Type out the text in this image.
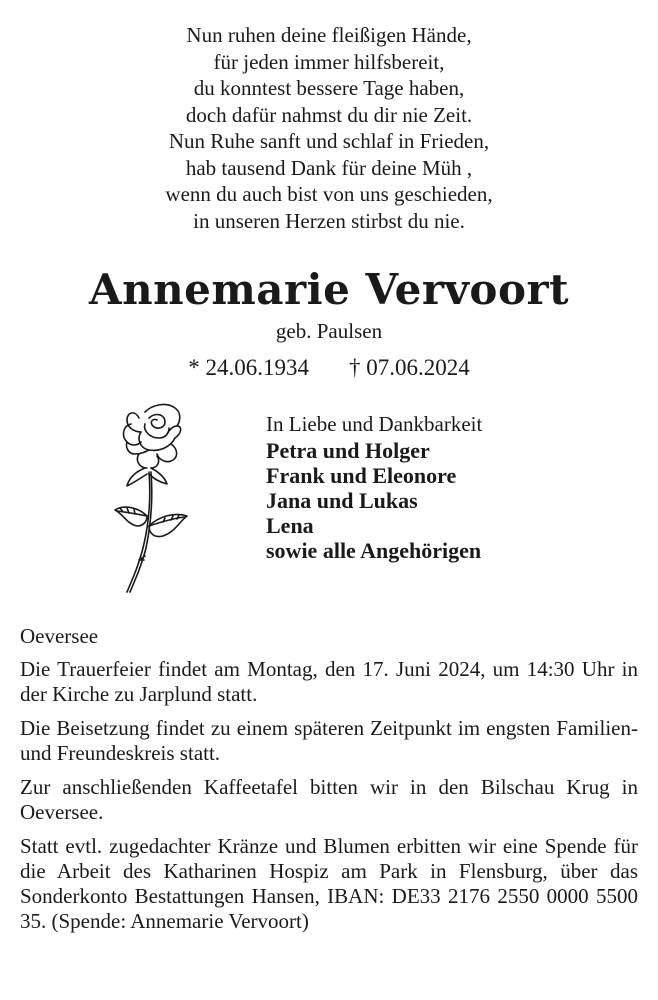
Nun ruhen deine fleißigen Hände,
für jeden immer hilfsbereit,
du konntest bessere Tage haben,
doch dafür nahmst du dir nie Zeit.
Nun Ruhe sanft und schlaf in Frieden,
hab tausend Dank für deine Müh ,
wenn du auch bist von uns geschieden,
in unseren Herzen stirbst du nie.
Annemarie Vervoort
geb. Paulsen
* 24.06.1934 † 07.06.2024
In Liebe und Dankbarkeit
Petra und Holger
Frank und Eleonore
Jana und Lukas
Lena
sowie alle Angehörigen
Oeversee

Die Trauerfeier findet am Montag, den 17. Juni 2024, um 14:30 Uhr in der Kirche zu Jarplund statt.

Die Beisetzung findet zu einem späteren Zeitpunkt im engsten Familien- und Freundeskreis statt.

Zur anschließenden Kaffeetafel bitten wir in den Bilschau Krug in Oeversee.

Statt evtl. zugedachter Kränze und Blumen erbitten wir eine Spende für die Arbeit des Katharinen Hospiz am Park in Flensburg, über das Sonderkonto Bestattungen Hansen, IBAN: DE33 2176 2550 0000 5500 35. (Spende: Annemarie Vervoort)
